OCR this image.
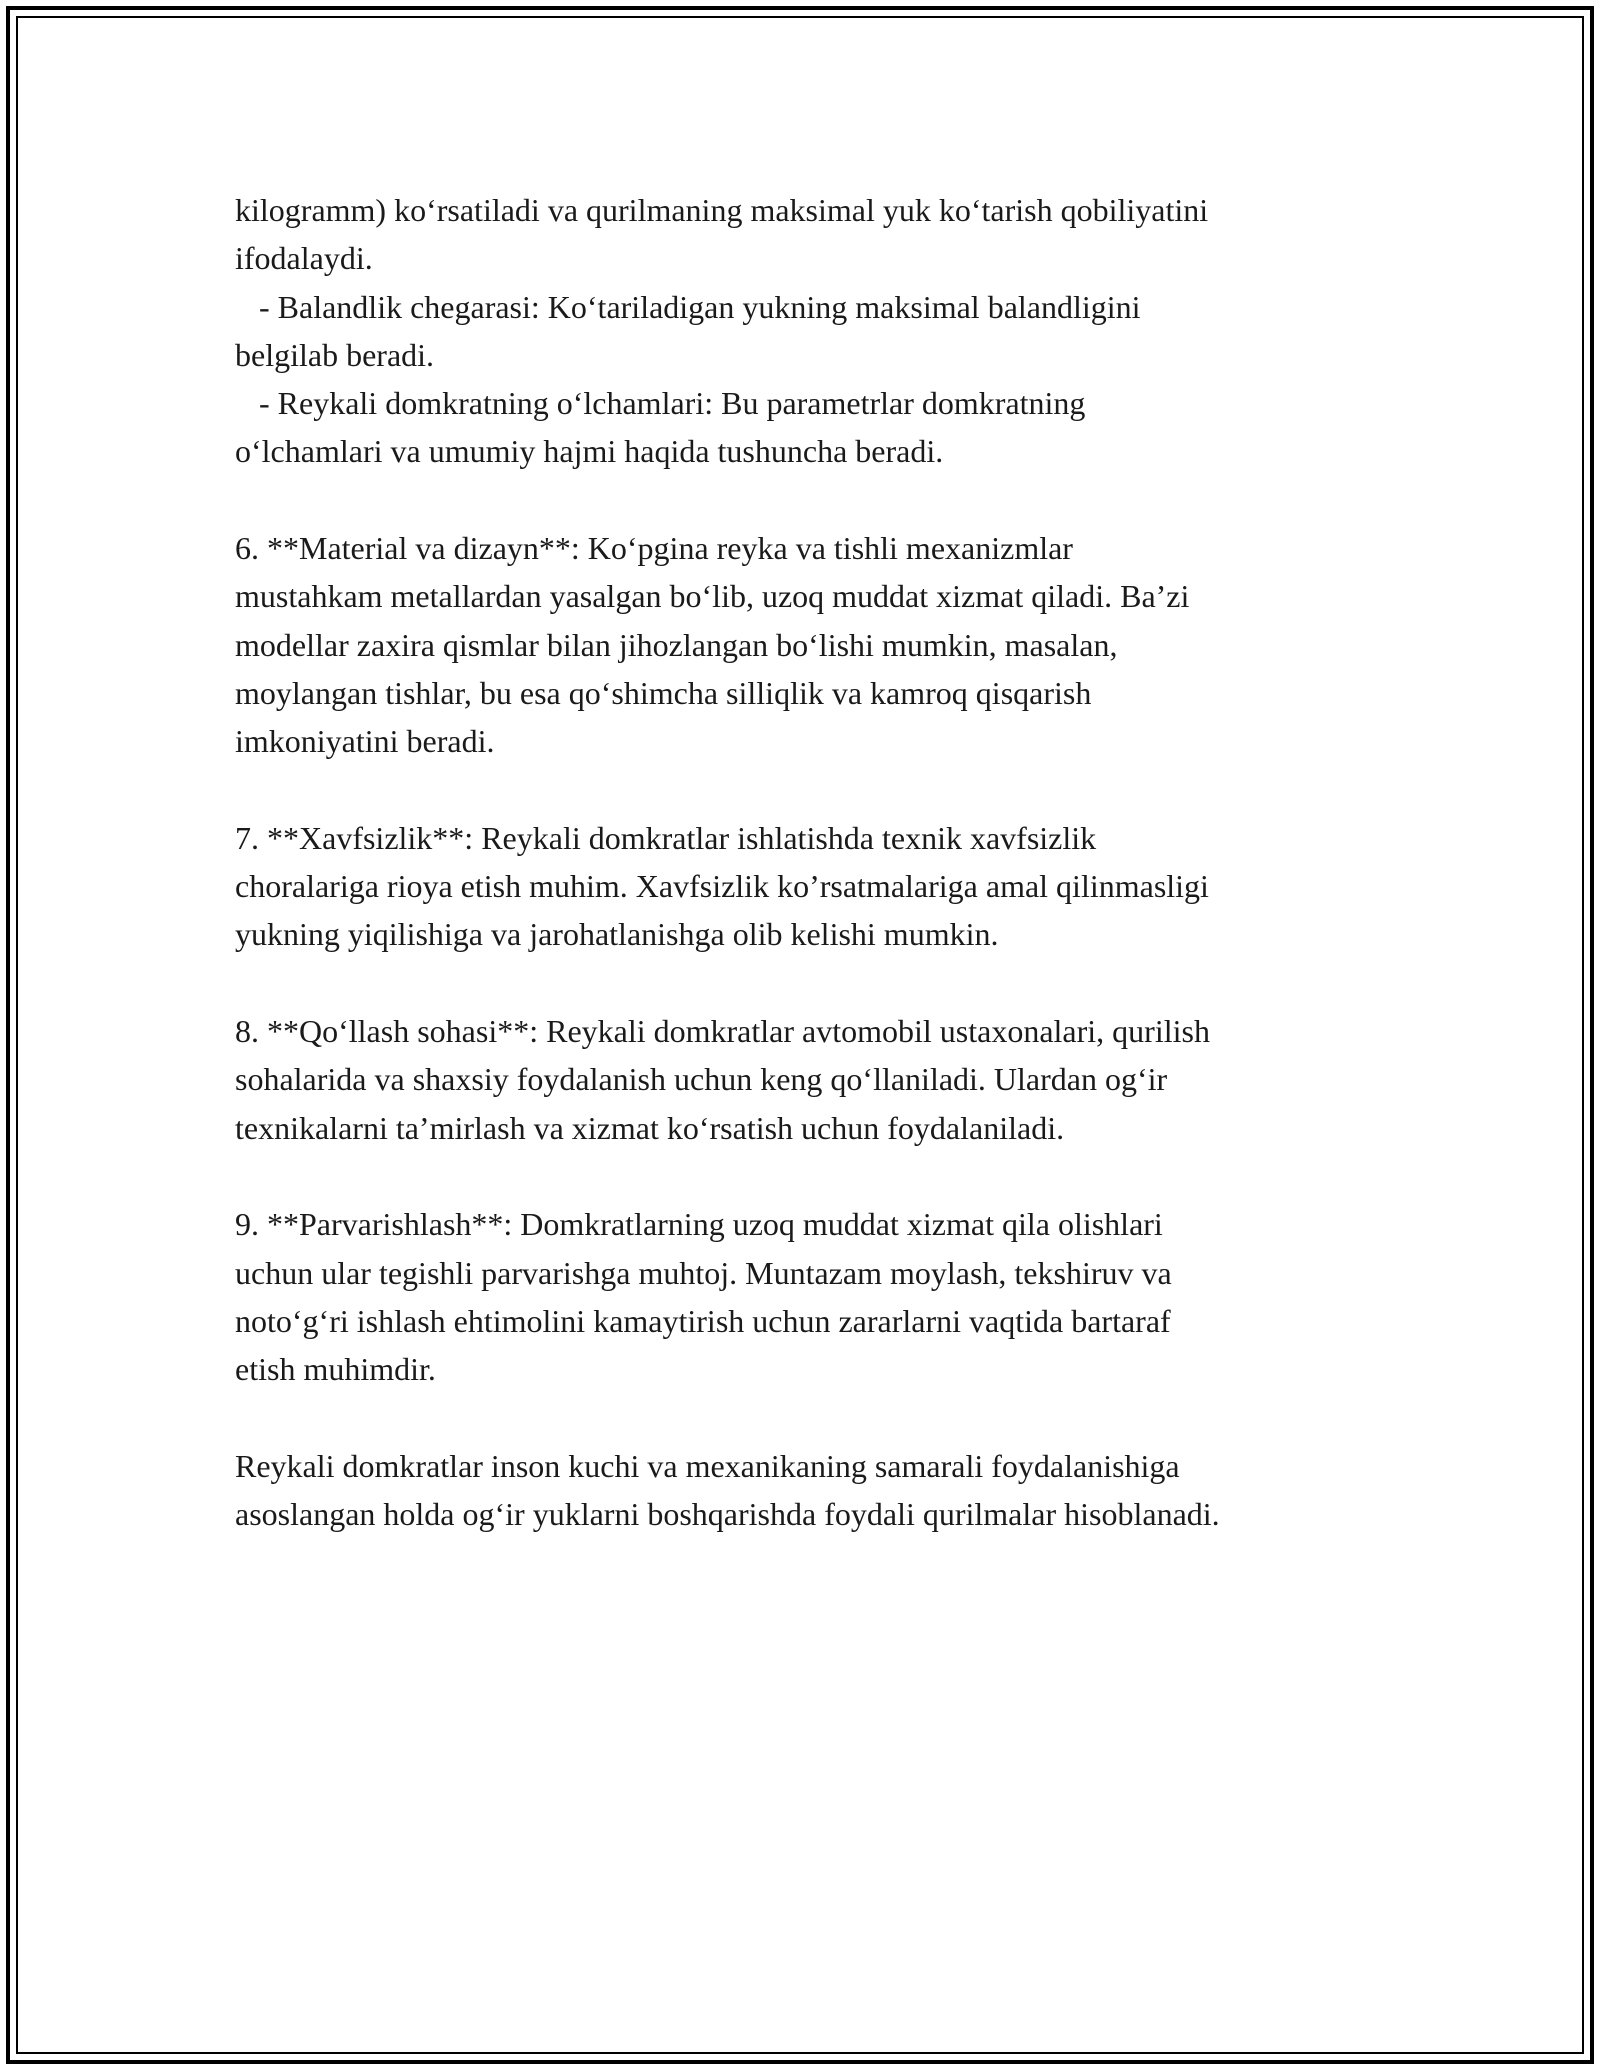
kilogramm) ko‘rsatiladi va qurilmaning maksimal yuk ko‘tarish qobiliyatini
ifodalaydi.
- Balandlik chegarasi: Ko‘tariladigan yukning maksimal balandligini
belgilab beradi.
- Reykali domkratning o‘lchamlari: Bu parametrlar domkratning
o‘lchamlari va umumiy hajmi haqida tushuncha beradi.
6. **Material va dizayn**: Ko‘pgina reyka va tishli mexanizmlar
mustahkam metallardan yasalgan bo‘lib, uzoq muddat xizmat qiladi. Ba’zi
modellar zaxira qismlar bilan jihozlangan bo‘lishi mumkin, masalan,
moylangan tishlar, bu esa qo‘shimcha silliqlik va kamroq qisqarish
imkoniyatini beradi.
7. **Xavfsizlik**: Reykali domkratlar ishlatishda texnik xavfsizlik
choralariga rioya etish muhim. Xavfsizlik ko’rsatmalariga amal qilinmasligi
yukning yiqilishiga va jarohatlanishga olib kelishi mumkin.
8. **Qo‘llash sohasi**: Reykali domkratlar avtomobil ustaxonalari, qurilish
sohalarida va shaxsiy foydalanish uchun keng qo‘llaniladi. Ulardan og‘ir
texnikalarni ta’mirlash va xizmat ko‘rsatish uchun foydalaniladi.
9. **Parvarishlash**: Domkratlarning uzoq muddat xizmat qila olishlari
uchun ular tegishli parvarishga muhtoj. Muntazam moylash, tekshiruv va
noto‘g‘ri ishlash ehtimolini kamaytirish uchun zararlarni vaqtida bartaraf
etish muhimdir.
Reykali domkratlar inson kuchi va mexanikaning samarali foydalanishiga
asoslangan holda og‘ir yuklarni boshqarishda foydali qurilmalar hisoblanadi.
